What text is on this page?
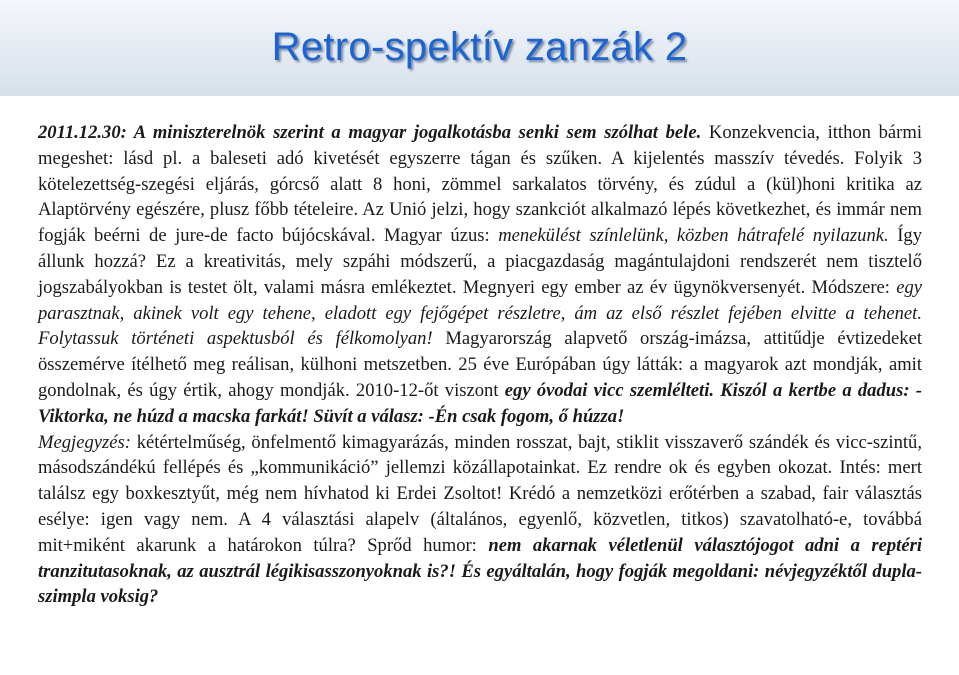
Retro-spektív zanzák 2

2011.12.30: A miniszterelnök szerint a magyar jogalkotásba senki sem szólhat bele. Konzekvencia, itthon bármi megeshet: lásd pl. a baleseti adó kivetését egyszerre tágan és szűken. A kijelentés masszív tévedés. Folyik 3 kötelezettség-szegési eljárás, górcső alatt 8 honi, zömmel sarkalatos törvény, és zúdul a (kül)honi kritika az Alaptörvény egészére, plusz főbb tételeire. Az Unió jelzi, hogy szankciót alkalmazó lépés következhet, és immár nem fogják beérni de jure-de facto bújócskával. Magyar úzus: menekülést színlelünk, közben hátrafelé nyilazunk. Így állunk hozzá? Ez a kreativitás, mely szpáhi módszerű, a piacgazdaság magántulajdoni rendszerét nem tisztelő jogszabályokban is testet ölt, valami másra emlékeztet. Megnyeri egy ember az év ügynökversenyét. Módszere: egy parasztnak, akinek volt egy tehene, eladott egy fejőgépet részletre, ám az első részlet fejében elvitte a tehenet. Folytassuk történeti aspektusból és félkomolyan! Magyarország alapvető ország-imázsa, attitűdje évtizedeket összemérve ítélhető meg reálisan, külhoni metszetben. 25 éve Európában úgy látták: a magyarok azt mondják, amit gondolnak, és úgy értik, ahogy mondják. 2010-12-őt viszont egy óvodai vicc szemlélteti. Kiszól a kertbe a dadus: -Viktorka, ne húzd a macska farkát! Süvít a válasz: -Én csak fogom, ő húzza!

Megjegyzés: kétértelműség, önfelmentő kimagyarázás, minden rosszat, bajt, stiklit visszaverő szándék és vicc-szintű, másodszándékú fellépés és „kommunikáció” jellemzi közállapotainkat. Ez rendre ok és egyben okozat. Intés: mert találsz egy boxkesztyűt, még nem hívhatod ki Erdei Zsoltot! Krédó a nemzetközi erőtérben a szabad, fair választás esélye: igen vagy nem. A 4 választási alapelv (általános, egyenlő, közvetlen, titkos) szavatolható-e, továbbá mit+miként akarunk a határokon túlra? Sprőd humor: nem akarnak véletlenül választójogot adni a reptéri tranzitutasoknak, az ausztrál légikisasszonyoknak is?! És egyáltalán, hogy fogják megoldani: névjegyzéktől dupla-szimpla voksig?
